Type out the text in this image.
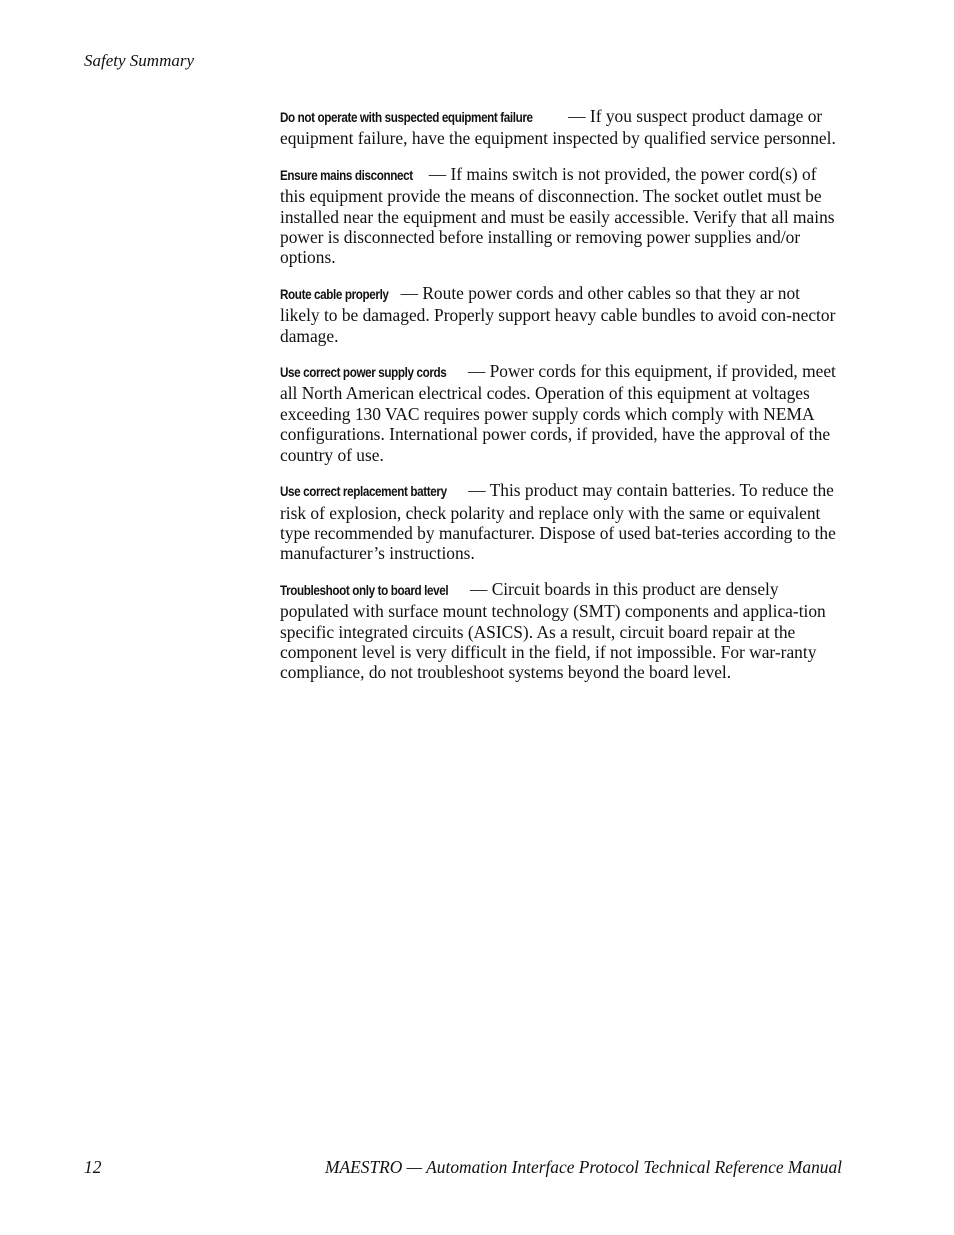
Safety Summary

Do not operate with suspected equipment failure — If you suspect product damage or equipment failure, have the equipment inspected by qualified service personnel.

Ensure mains disconnect — If mains switch is not provided, the power cord(s) of this equipment provide the means of disconnection. The socket outlet must be installed near the equipment and must be easily accessible. Verify that all mains power is disconnected before installing or removing power supplies and/or options.

Route cable properly — Route power cords and other cables so that they ar not likely to be damaged. Properly support heavy cable bundles to avoid con-nector damage.

Use correct power supply cords — Power cords for this equipment, if provided, meet all North American electrical codes. Operation of this equipment at voltages exceeding 130 VAC requires power supply cords which comply with NEMA configurations. International power cords, if provided, have the approval of the country of use.

Use correct replacement battery — This product may contain batteries. To reduce the risk of explosion, check polarity and replace only with the same or equivalent type recommended by manufacturer. Dispose of used bat-teries according to the manufacturer’s instructions.

Troubleshoot only to board level — Circuit boards in this product are densely populated with surface mount technology (SMT) components and applica-tion specific integrated circuits (ASICS). As a result, circuit board repair at the component level is very difficult in the field, if not impossible. For war-ranty compliance, do not troubleshoot systems beyond the board level.

12	MAESTRO — Automation Interface Protocol Technical Reference Manual
